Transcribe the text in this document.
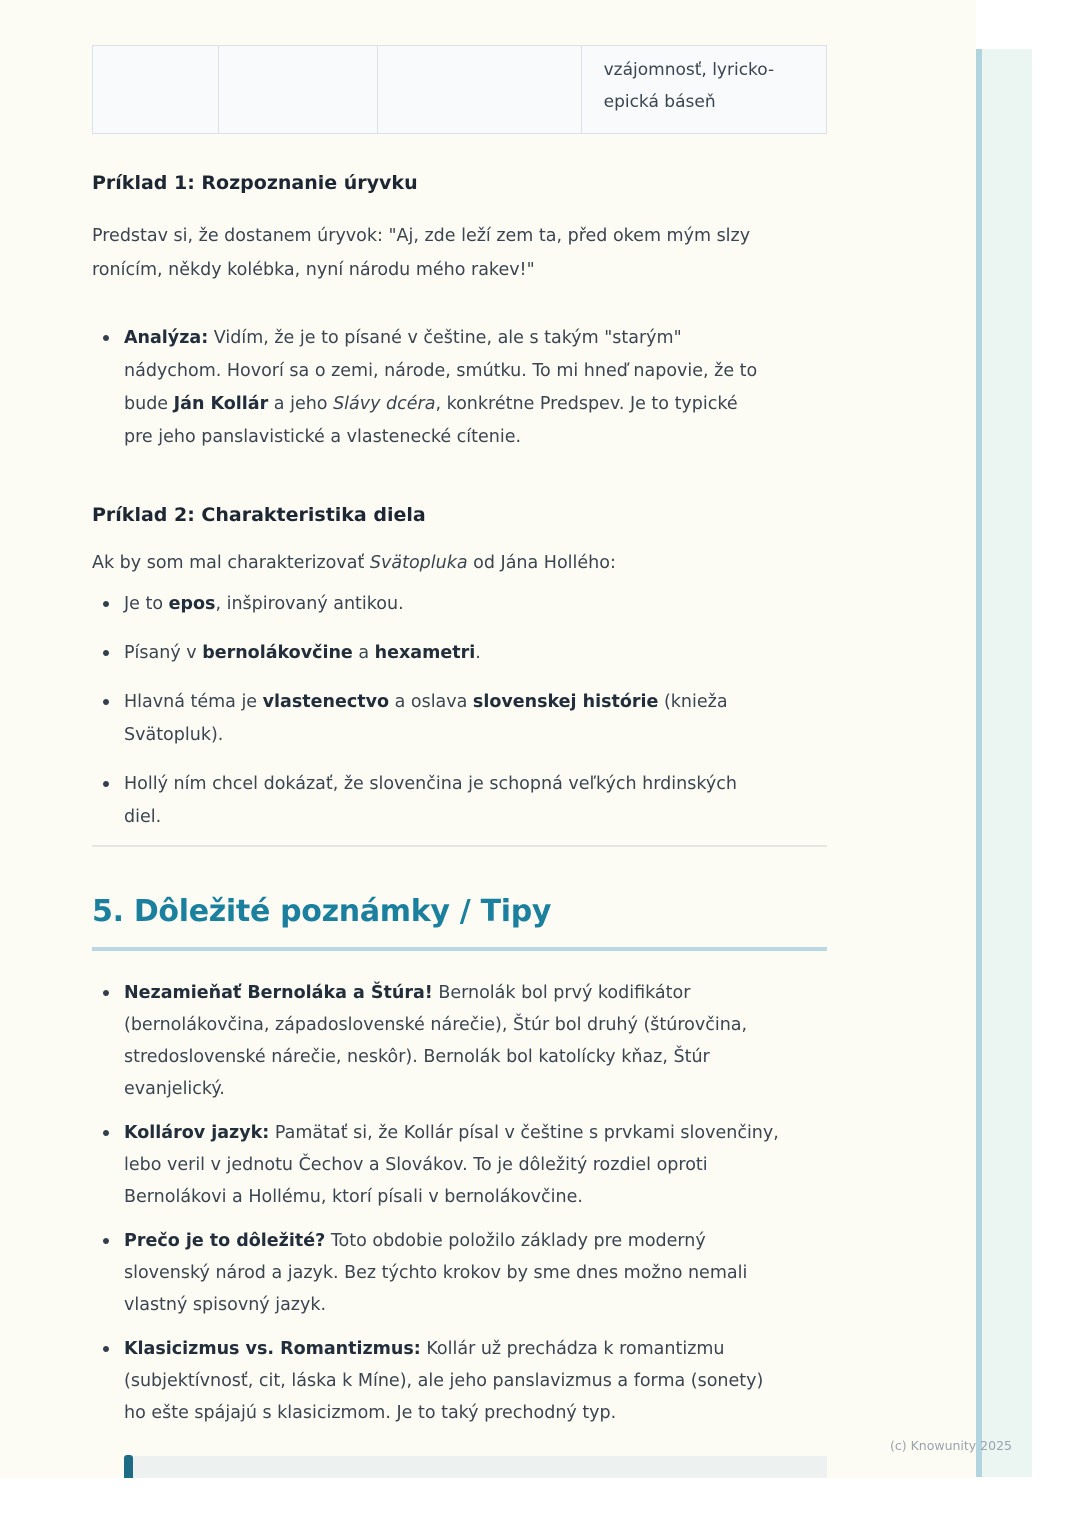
vzájomnosť, lyricko-
epická báseň
Príklad 1: Rozpoznanie úryvku
Predstav si, že dostanem úryvok: "Aj, zde leží zem ta, před okem mým slzy
ronícím, někdy kolébka, nyní národu mého rakev!"
Analýza: Vidím, že je to písané v češtine, ale s takým "starým"
nádychom. Hovorí sa o zemi, národe, smútku. To mi hneď napovie, že to
bude Ján Kollár a jeho Slávy dcéra, konkrétne Predspev. Je to typické
pre jeho panslavistické a vlastenecké cítenie.
Príklad 2: Charakteristika diela
Ak by som mal charakterizovať Svätopluka od Jána Hollého:
Je to epos, inšpirovaný antikou.
Písaný v bernolákovčine a hexametri.
Hlavná téma je vlastenectvo a oslava slovenskej histórie (knieža
Svätopluk).
Hollý ním chcel dokázať, že slovenčina je schopná veľkých hrdinských
diel.
5. Dôležité poznámky / Tipy
Nezamieňať Bernoláka a Štúra! Bernolák bol prvý kodifikátor
(bernolákovčina, západoslovenské nárečie), Štúr bol druhý (štúrovčina,
stredoslovenské nárečie, neskôr). Bernolák bol katolícky kňaz, Štúr
evanjelický.
Kollárov jazyk: Pamätať si, že Kollár písal v češtine s prvkami slovenčiny,
lebo veril v jednotu Čechov a Slovákov. To je dôležitý rozdiel oproti
Bernolákovi a Hollému, ktorí písali v bernolákovčine.
Prečo je to dôležité? Toto obdobie položilo základy pre moderný
slovenský národ a jazyk. Bez týchto krokov by sme dnes možno nemali
vlastný spisovný jazyk.
Klasicizmus vs. Romantizmus: Kollár už prechádza k romantizmu
(subjektívnosť, cit, láska k Míne), ale jeho panslavizmus a forma (sonety)
ho ešte spájajú s klasicizmom. Je to taký prechodný typ.
(c) Knowunity 2025
